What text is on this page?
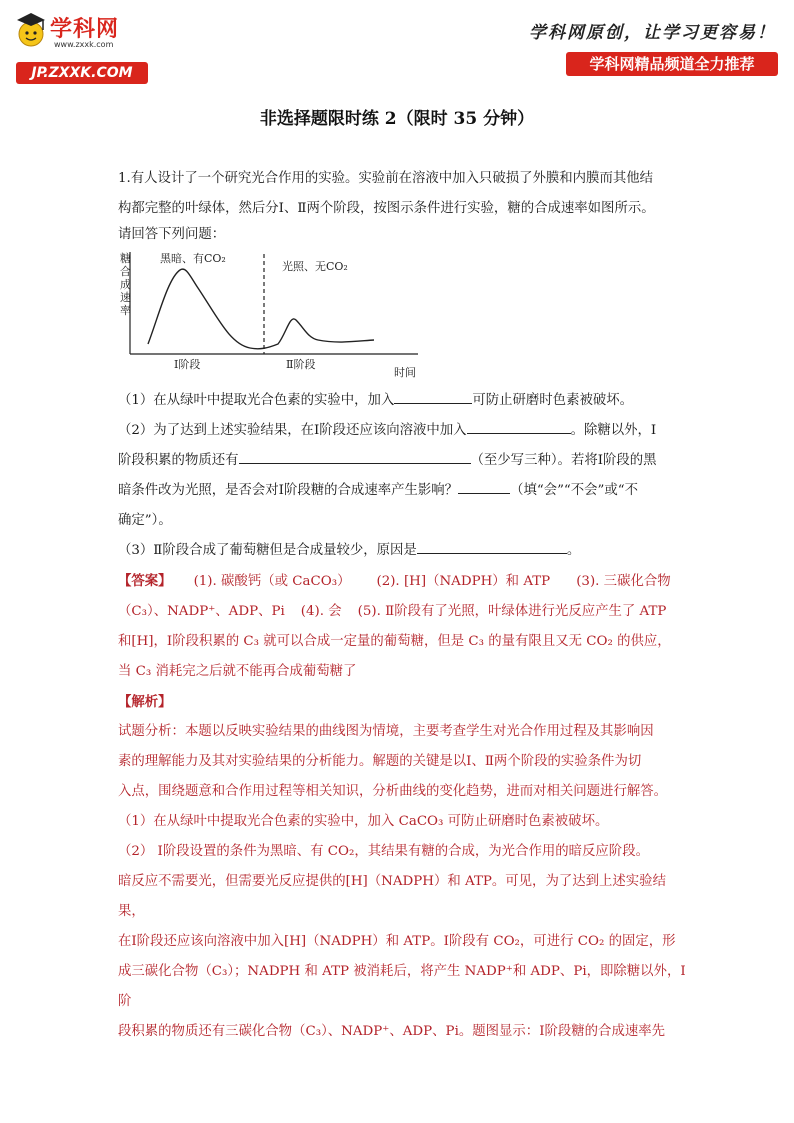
学科网
www.zxxk.com
JP.ZXXK.COM
学科网原创，让学习更容易！
学科网精品频道全力推荐
非选择题限时练 2（限时 35 分钟）

1.有人设计了一个研究光合作用的实验。实验前在溶液中加入只破损了外膜和内膜而其他结

构都完整的叶绿体，然后分Ⅰ、Ⅱ两个阶段，按图示条件进行实验，糖的合成速率如图所示。

请回答下列问题：

糖合成速率
黑暗、有CO₂
光照、无CO₂
Ⅰ阶段	Ⅱ阶段
时间

（1）在从绿叶中提取光合色素的实验中，加入	可防止研磨时色素被破坏。

（2）为了达到上述实验结果，在Ⅰ阶段还应该向溶液中加入	。除糖以外，Ⅰ

阶段积累的物质还有	（至少写三种）。若将Ⅰ阶段的黑

暗条件改为光照，是否会对Ⅰ阶段糖的合成速率产生影响？	（填“会”“不会”或“不

确定”）。

（3）Ⅱ阶段合成了葡萄糖但是合成量较少，原因是	。

【答案】 (1). 碳酸钙（或 CaCO₃） (2). [H]（NADPH）和 ATP (3). 三碳化合物

（C₃）、NADP⁺、ADP、Pi (4). 会 (5). Ⅱ阶段有了光照，叶绿体进行光反应产生了 ATP

和[H]，Ⅰ阶段积累的 C₃ 就可以合成一定量的葡萄糖，但是 C₃ 的量有限且又无 CO₂ 的供应，

当 C₃ 消耗完之后就不能再合成葡萄糖了

【解析】

试题分析：本题以反映实验结果的曲线图为情境，主要考查学生对光合作用过程及其影响因

素的理解能力及其对实验结果的分析能力。解题的关键是以Ⅰ、Ⅱ两个阶段的实验条件为切

入点，围绕题意和合作用过程等相关知识，分析曲线的变化趋势，进而对相关问题进行解答。

（1）在从绿叶中提取光合色素的实验中，加入 CaCO₃ 可防止研磨时色素被破坏。

（2） Ⅰ阶段设置的条件为黑暗、有 CO₂，其结果有糖的合成，为光合作用的暗反应阶段。

暗反应不需要光，但需要光反应提供的[H]（NADPH）和 ATP。可见，为了达到上述实验结果，

在Ⅰ阶段还应该向溶液中加入[H]（NADPH）和 ATP。Ⅰ阶段有 CO₂，可进行 CO₂ 的固定，形

成三碳化合物（C₃）；NADPH 和 ATP 被消耗后，将产生 NADP⁺和 ADP、Pi，即除糖以外，Ⅰ阶

段积累的物质还有三碳化合物（C₃）、NADP⁺、ADP、Pi。题图显示：Ⅰ阶段糖的合成速率先
